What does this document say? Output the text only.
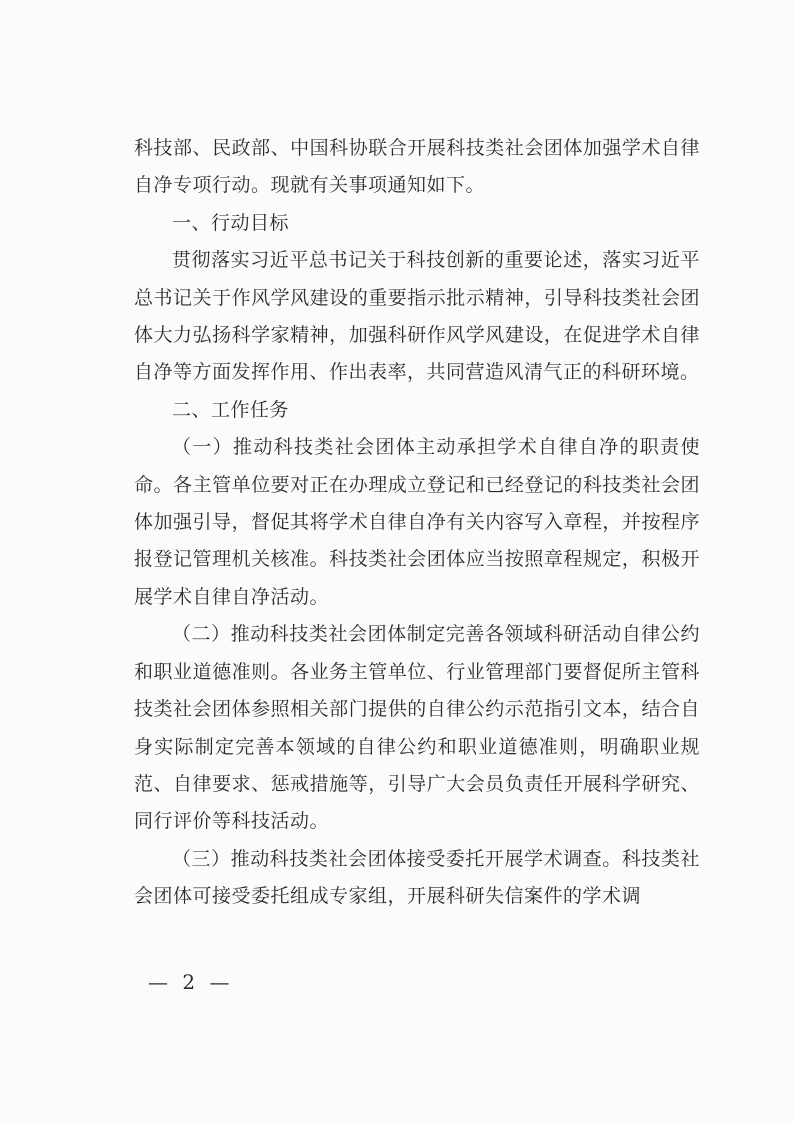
科技部、民政部、中国科协联合开展科技类社会团体加强学术自律自净专项行动。现就有关事项通知如下。

一、行动目标

贯彻落实习近平总书记关于科技创新的重要论述，落实习近平总书记关于作风学风建设的重要指示批示精神，引导科技类社会团体大力弘扬科学家精神，加强科研作风学风建设，在促进学术自律自净等方面发挥作用、作出表率，共同营造风清气正的科研环境。

二、工作任务

（一）推动科技类社会团体主动承担学术自律自净的职责使命。各主管单位要对正在办理成立登记和已经登记的科技类社会团体加强引导，督促其将学术自律自净有关内容写入章程，并按程序报登记管理机关核准。科技类社会团体应当按照章程规定，积极开展学术自律自净活动。

（二）推动科技类社会团体制定完善各领域科研活动自律公约和职业道德准则。各业务主管单位、行业管理部门要督促所主管科技类社会团体参照相关部门提供的自律公约示范指引文本，结合自身实际制定完善本领域的自律公约和职业道德准则，明确职业规范、自律要求、惩戒措施等，引导广大会员负责任开展科学研究、同行评价等科技活动。

（三）推动科技类社会团体接受委托开展学术调查。科技类社会团体可接受委托组成专家组，开展科研失信案件的学术调

— 2 —
